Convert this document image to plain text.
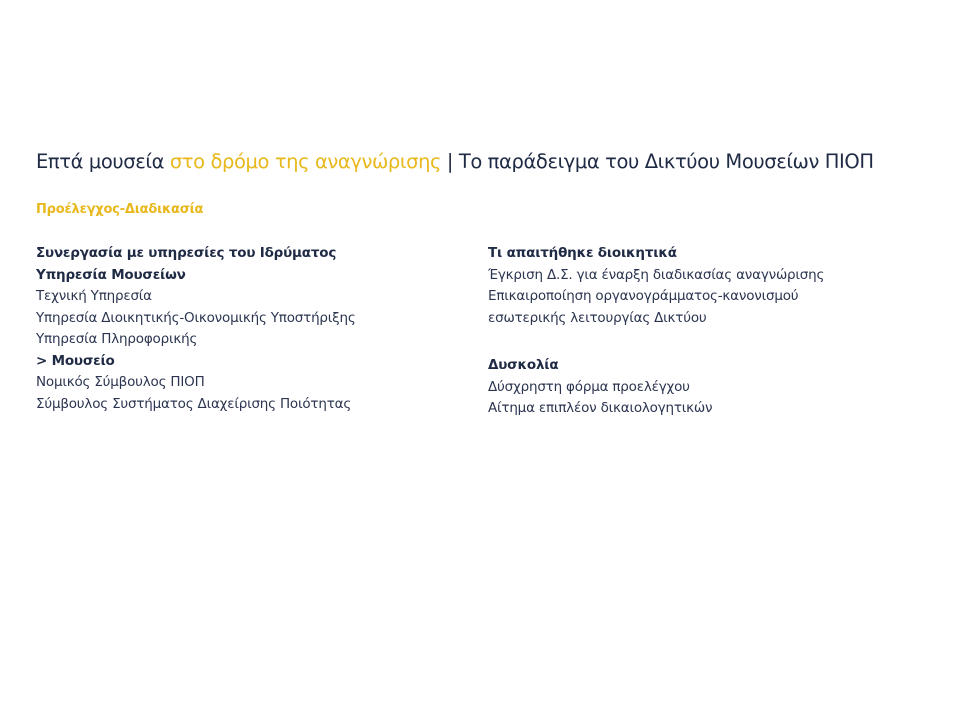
Επτά μουσεία στο δρόμο της αναγνώρισης | Το παράδειγμα του Δικτύου Μουσείων ΠΙΟΠ
Προέλεγχος-Διαδικασία
Συνεργασία με υπηρεσίες του Ιδρύματος
Υπηρεσία Μουσείων
Τεχνική Υπηρεσία
Υπηρεσία Διοικητικής-Οικονομικής Υποστήριξης
Υπηρεσία Πληροφορικής
> Μουσείο
Νομικός Σύμβουλος ΠΙΟΠ
Σύμβουλος Συστήματος Διαχείρισης Ποιότητας
Τι απαιτήθηκε διοικητικά
Έγκριση Δ.Σ. για έναρξη διαδικασίας αναγνώρισης
Επικαιροποίηση οργανογράμματος-κανονισμού
εσωτερικής λειτουργίας Δικτύου
Δυσκολία
Δύσχρηστη φόρμα προελέγχου
Αίτημα επιπλέον δικαιολογητικών
